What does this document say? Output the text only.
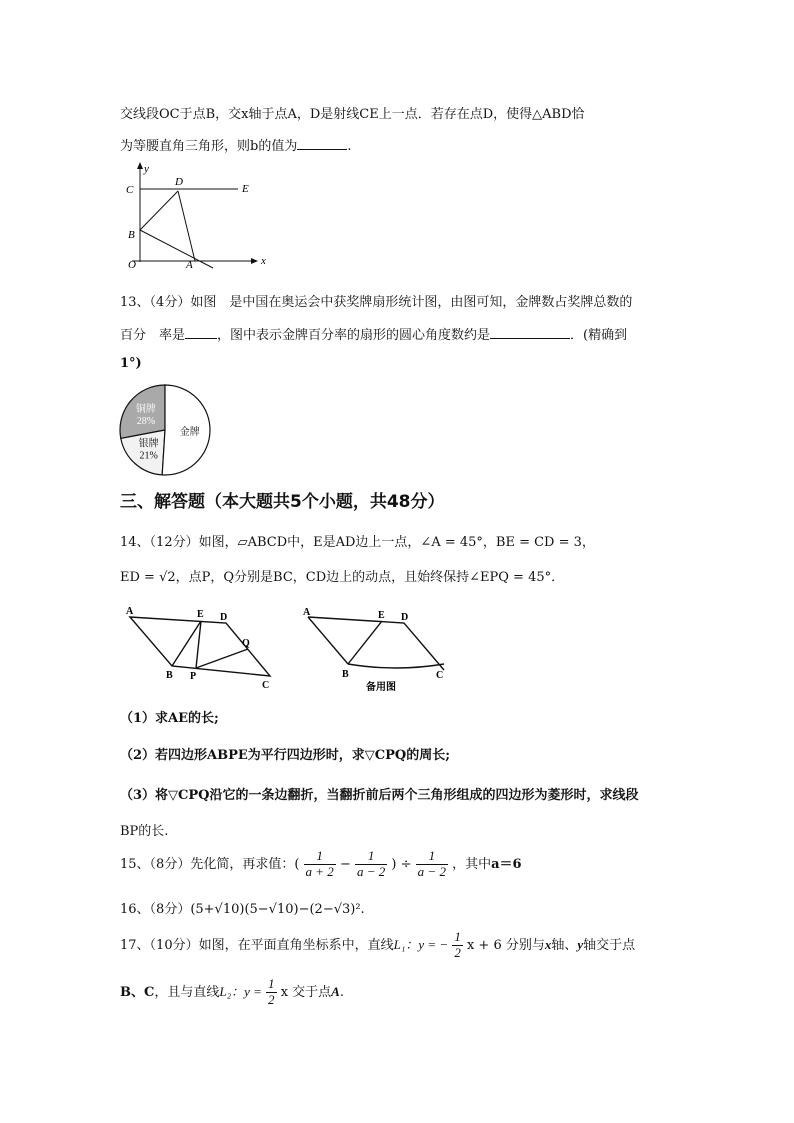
交线段OC于点B，交x轴于点A，D是射线CE上一点．若存在点D，使得△ABD恰
为等腰直角三角形，则b的值为	.
y
C
D
E
B
O	A	x
13、（4分）如图　是中国在奥运会中获奖牌扇形统计图，由图可知，金牌数占奖牌总数的
百分　率是 ，图中表示金牌百分率的扇形的圆心角度数约是	．(精确到
1°)
铜牌
28%
银牌
21%
金牌
三、解答题（本大题共5个小题，共48分）
14、（12分）如图，▱ABCD中，E是AD边上一点，∠A = 45°，BE = CD = 3，
ED = √2，点P，Q分别是BC，CD边上的动点，且始终保持∠EPQ = 45°．
A	E D
Q
B P
C
A	E D
B	C
备用图
（1）求AE的长;
（2）若四边形ABPE为平行四边形时，求▽CPQ的周长;
（3）将▽CPQ沿它的一条边翻折，当翻折前后两个三角形组成的四边形为菱形时，求线段
BP的长.
15、（8分）先化简，再求值：( $\frac{1}{a + 2} - \frac{1}{a - 2}$ ) ÷ $\frac{1}{a - 2}$ ，其中a＝6
16、（8分）(5+√10)(5−√10)−(2−√3)².
17、（10分）如图，在平面直角坐标系中，直线L₁：y = − $\frac{1}{2}$ x + 6 分别与x轴、y轴交于点
B、C，且与直线L₂：$y = \frac{1}{2}$ x 交于点A.
